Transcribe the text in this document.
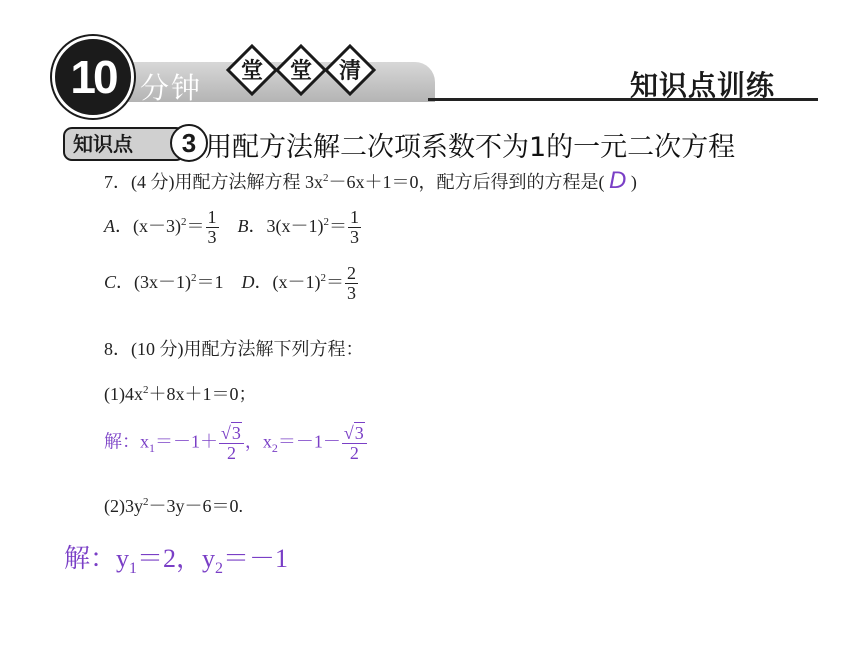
10 分钟 堂 堂 清	知识点训练
知识点	3 用配方法解二次项系数不为1的一元二次方程
7．(4 分)用配方法解方程 $3x^2-6x+1=0$，配方后得到的方程是( D )
A．$(x-3)^2= \frac{1}{3}$ B．$3(x-1)^2= \frac{1}{3}$
C．$(3x-1)^2=1$ D．$(x-1)^2= \frac{2}{3}$
8．(10 分)用配方法解下列方程：
$(1)4x^2+8x+1=0$；
解：$x_1=-1+ \frac{√3}{2}$ ，$x_2=-1- \frac{√3}{2}$
$(2)3y^2-3y-6=0$.
解：$y_1=2$，$y_2=-1$
